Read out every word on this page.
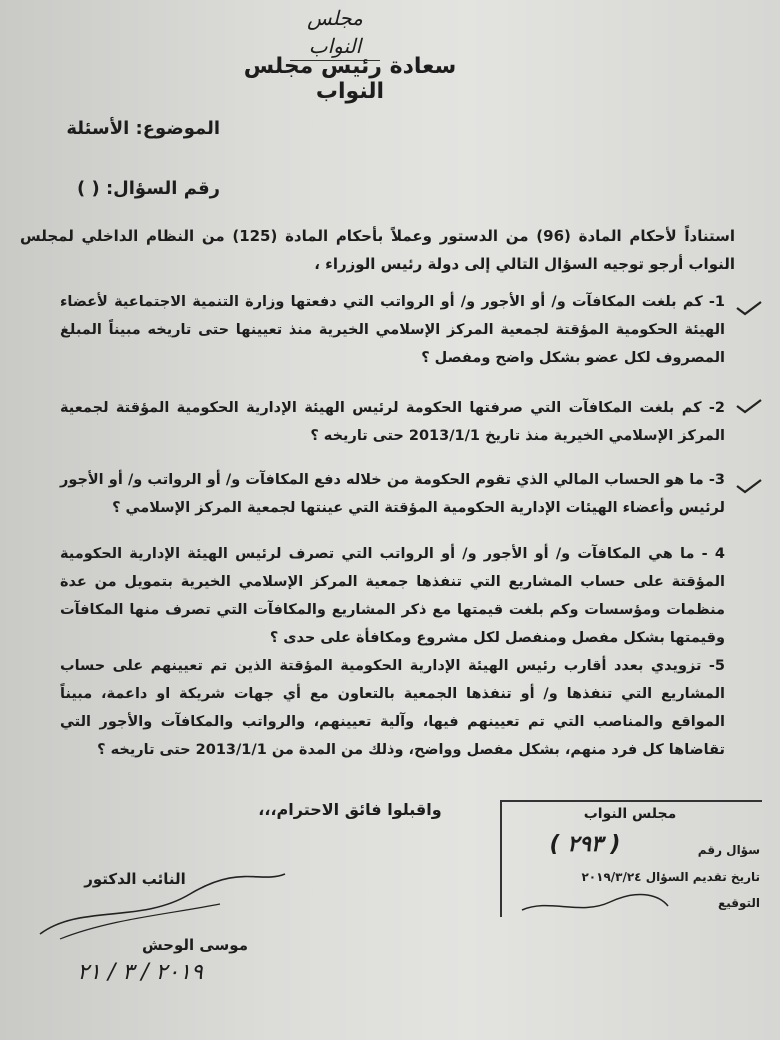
مجلس النواب
سعادة رئيس مجلس النواب
الموضوع: الأسئلة
رقم السؤال: ( )
استناداً لأحكام المادة (96) من الدستور وعملاً بأحكام المادة (125) من النظام الداخلي لمجلس النواب أرجو توجيه السؤال التالي إلى دولة رئيس الوزراء ،
1- كم بلغت المكافآت و/ أو الأجور و/ أو الرواتب التي دفعتها وزارة التنمية الاجتماعية لأعضاء الهيئة الحكومية المؤقتة لجمعية المركز الإسلامي الخيرية منذ تعيينها حتى تاريخه مبيناً المبلغ المصروف لكل عضو بشكل واضح ومفصل ؟
2- كم بلغت المكافآت التي صرفتها الحكومة لرئيس الهيئة الإدارية الحكومية المؤقتة لجمعية المركز الإسلامي الخيرية منذ تاريخ 2013/1/1 حتى تاريخه ؟
3- ما هو الحساب المالي الذي تقوم الحكومة من خلاله دفع المكافآت و/ أو الرواتب و/ أو الأجور لرئيس وأعضاء الهيئات الإدارية الحكومية المؤقتة التي عينتها لجمعية المركز الإسلامي ؟
4 - ما هي المكافآت و/ أو الأجور و/ أو الرواتب التي تصرف لرئيس الهيئة الإدارية الحكومية المؤقتة على حساب المشاريع التي تنفذها جمعية المركز الإسلامي الخيرية بتمويل من عدة منظمات ومؤسسات وكم بلغت قيمتها مع ذكر المشاريع والمكافآت التي تصرف منها المكافآت وقيمتها بشكل مفصل ومنفصل لكل مشروع ومكافأة على حدى ؟
5- تزويدي بعدد أقارب رئيس الهيئة الإدارية الحكومية المؤقتة الذين تم تعيينهم على حساب المشاريع التي تنفذها و/ أو تنفذها الجمعية بالتعاون مع أي جهات شريكة او داعمة، مبيناً المواقع والمناصب التي تم تعيينهم فيها، وآلية تعيينهم، والرواتب والمكافآت والأجور التي تقاضاها كل فرد منهم، بشكل مفصل وواضح، وذلك من المدة من 2013/1/1 حتى تاريخه ؟
واقبلوا فائق الاحترام،،،
النائب الدكتور
موسى الوحش
٢٠١٩ / ٣ / ٢١
مجلس النواب
سؤال رقم
( ٢٩٣ )
تاريخ تقديم السؤال ٢٠١٩/٣/٢٤
التوقيع
